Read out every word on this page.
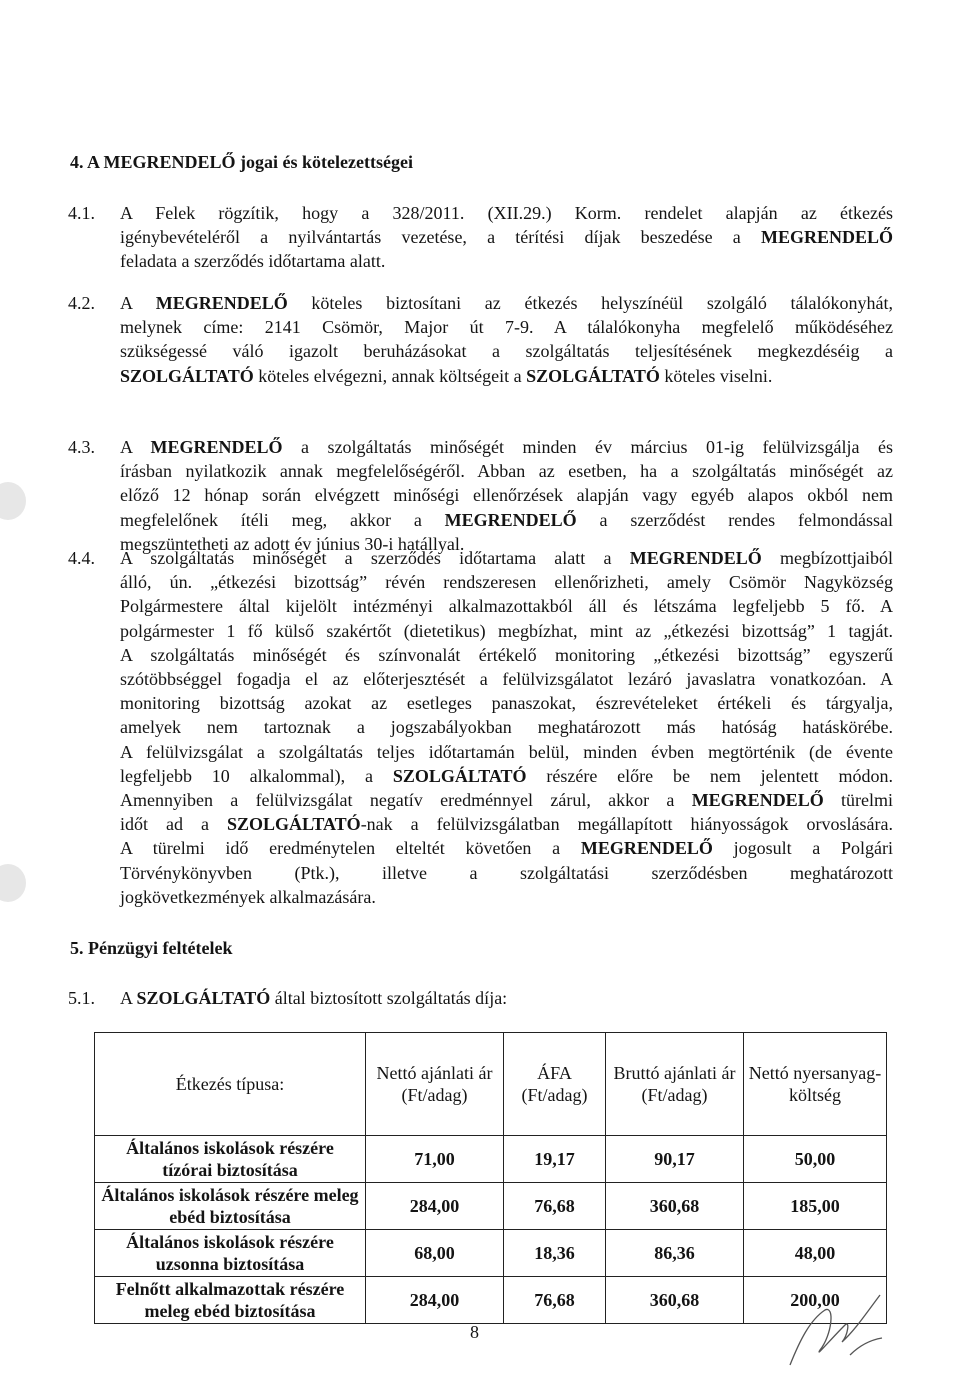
4. A MEGRENDELŐ jogai és kötelezettségei
4.1. A Felek rögzítik, hogy a 328/2011. (XII.29.) Korm. rendelet alapján az étkezés
igénybevételéről a nyilvántartás vezetése, a térítési díjak beszedése a MEGRENDELŐ
feladata a szerződés időtartama alatt.
4.2. A MEGRENDELŐ köteles biztosítani az étkezés helyszínéül szolgáló tálalókonyhát,
melynek címe: 2141 Csömör, Major út 7-9. A tálalókonyha megfelelő működéséhez
szükségessé váló igazolt beruházásokat a szolgáltatás teljesítésének megkezdéséig a
SZOLGÁLTATÓ köteles elvégezni, annak költségeit a SZOLGÁLTATÓ köteles viselni.
4.3. A MEGRENDELŐ a szolgáltatás minőségét minden év március 01-ig felülvizsgálja és
írásban nyilatkozik annak megfelelőségéről. Abban az esetben, ha a szolgáltatás minőségét az
előző 12 hónap során elvégzett minőségi ellenőrzések alapján vagy egyéb alapos okból nem
megfelelőnek ítéli meg, akkor a MEGRENDELŐ a szerződést rendes felmondással
megszüntetheti az adott év június 30-i hatállyal.
4.4. A szolgáltatás minőségét a szerződés időtartama alatt a MEGRENDELŐ megbízottjaiból
álló, ún. „étkezési bizottság” révén rendszeresen ellenőrizheti, amely Csömör Nagyközség
Polgármestere által kijelölt intézményi alkalmazottakból áll és létszáma legfeljebb 5 fő. A
polgármester 1 fő külső szakértőt (dietetikus) megbízhat, mint az „étkezési bizottság” 1 tagját.
A szolgáltatás minőségét és színvonalát értékelő monitoring „étkezési bizottság” egyszerű
szótöbbséggel fogadja el az előterjesztését a felülvizsgálatot lezáró javaslatra vonatkozóan. A
monitoring bizottság azokat az esetleges panaszokat, észrevételeket értékeli és tárgyalja,
amelyek nem tartoznak a jogszabályokban meghatározott más hatóság hatáskörébe.
A felülvizsgálat a szolgáltatás teljes időtartamán belül, minden évben megtörténik (de évente
legfeljebb 10 alkalommal), a SZOLGÁLTATÓ részére előre be nem jelentett módon.
Amennyiben a felülvizsgálat negatív eredménnyel zárul, akkor a MEGRENDELŐ türelmi
időt ad a SZOLGÁLTATÓ-nak a felülvizsgálatban megállapított hiányosságok orvoslására.
A türelmi idő eredménytelen elteltét követően a MEGRENDELŐ jogosult a Polgári
Törvénykönyvben (Ptk.), illetve a szolgáltatási szerződésben meghatározott
jogkövetkezmények alkalmazására.
5. Pénzügyi feltételek
5.1. A SZOLGÁLTATÓ által biztosított szolgáltatás díja:
Étkezés típusa:	Nettó ajánlati ár (Ft/adag)	ÁFA (Ft/adag)	Bruttó ajánlati ár (Ft/adag)	Nettó nyersanyag-költség
Általános iskolások részére tízórai biztosítása	71,00	19,17	90,17	50,00
Általános iskolások részére meleg ebéd biztosítása	284,00	76,68	360,68	185,00
Általános iskolások részére uzsonna biztosítása	68,00	18,36	86,36	48,00
Felnőtt alkalmazottak részére meleg ebéd biztosítása	284,00	76,68	360,68	200,00
8
